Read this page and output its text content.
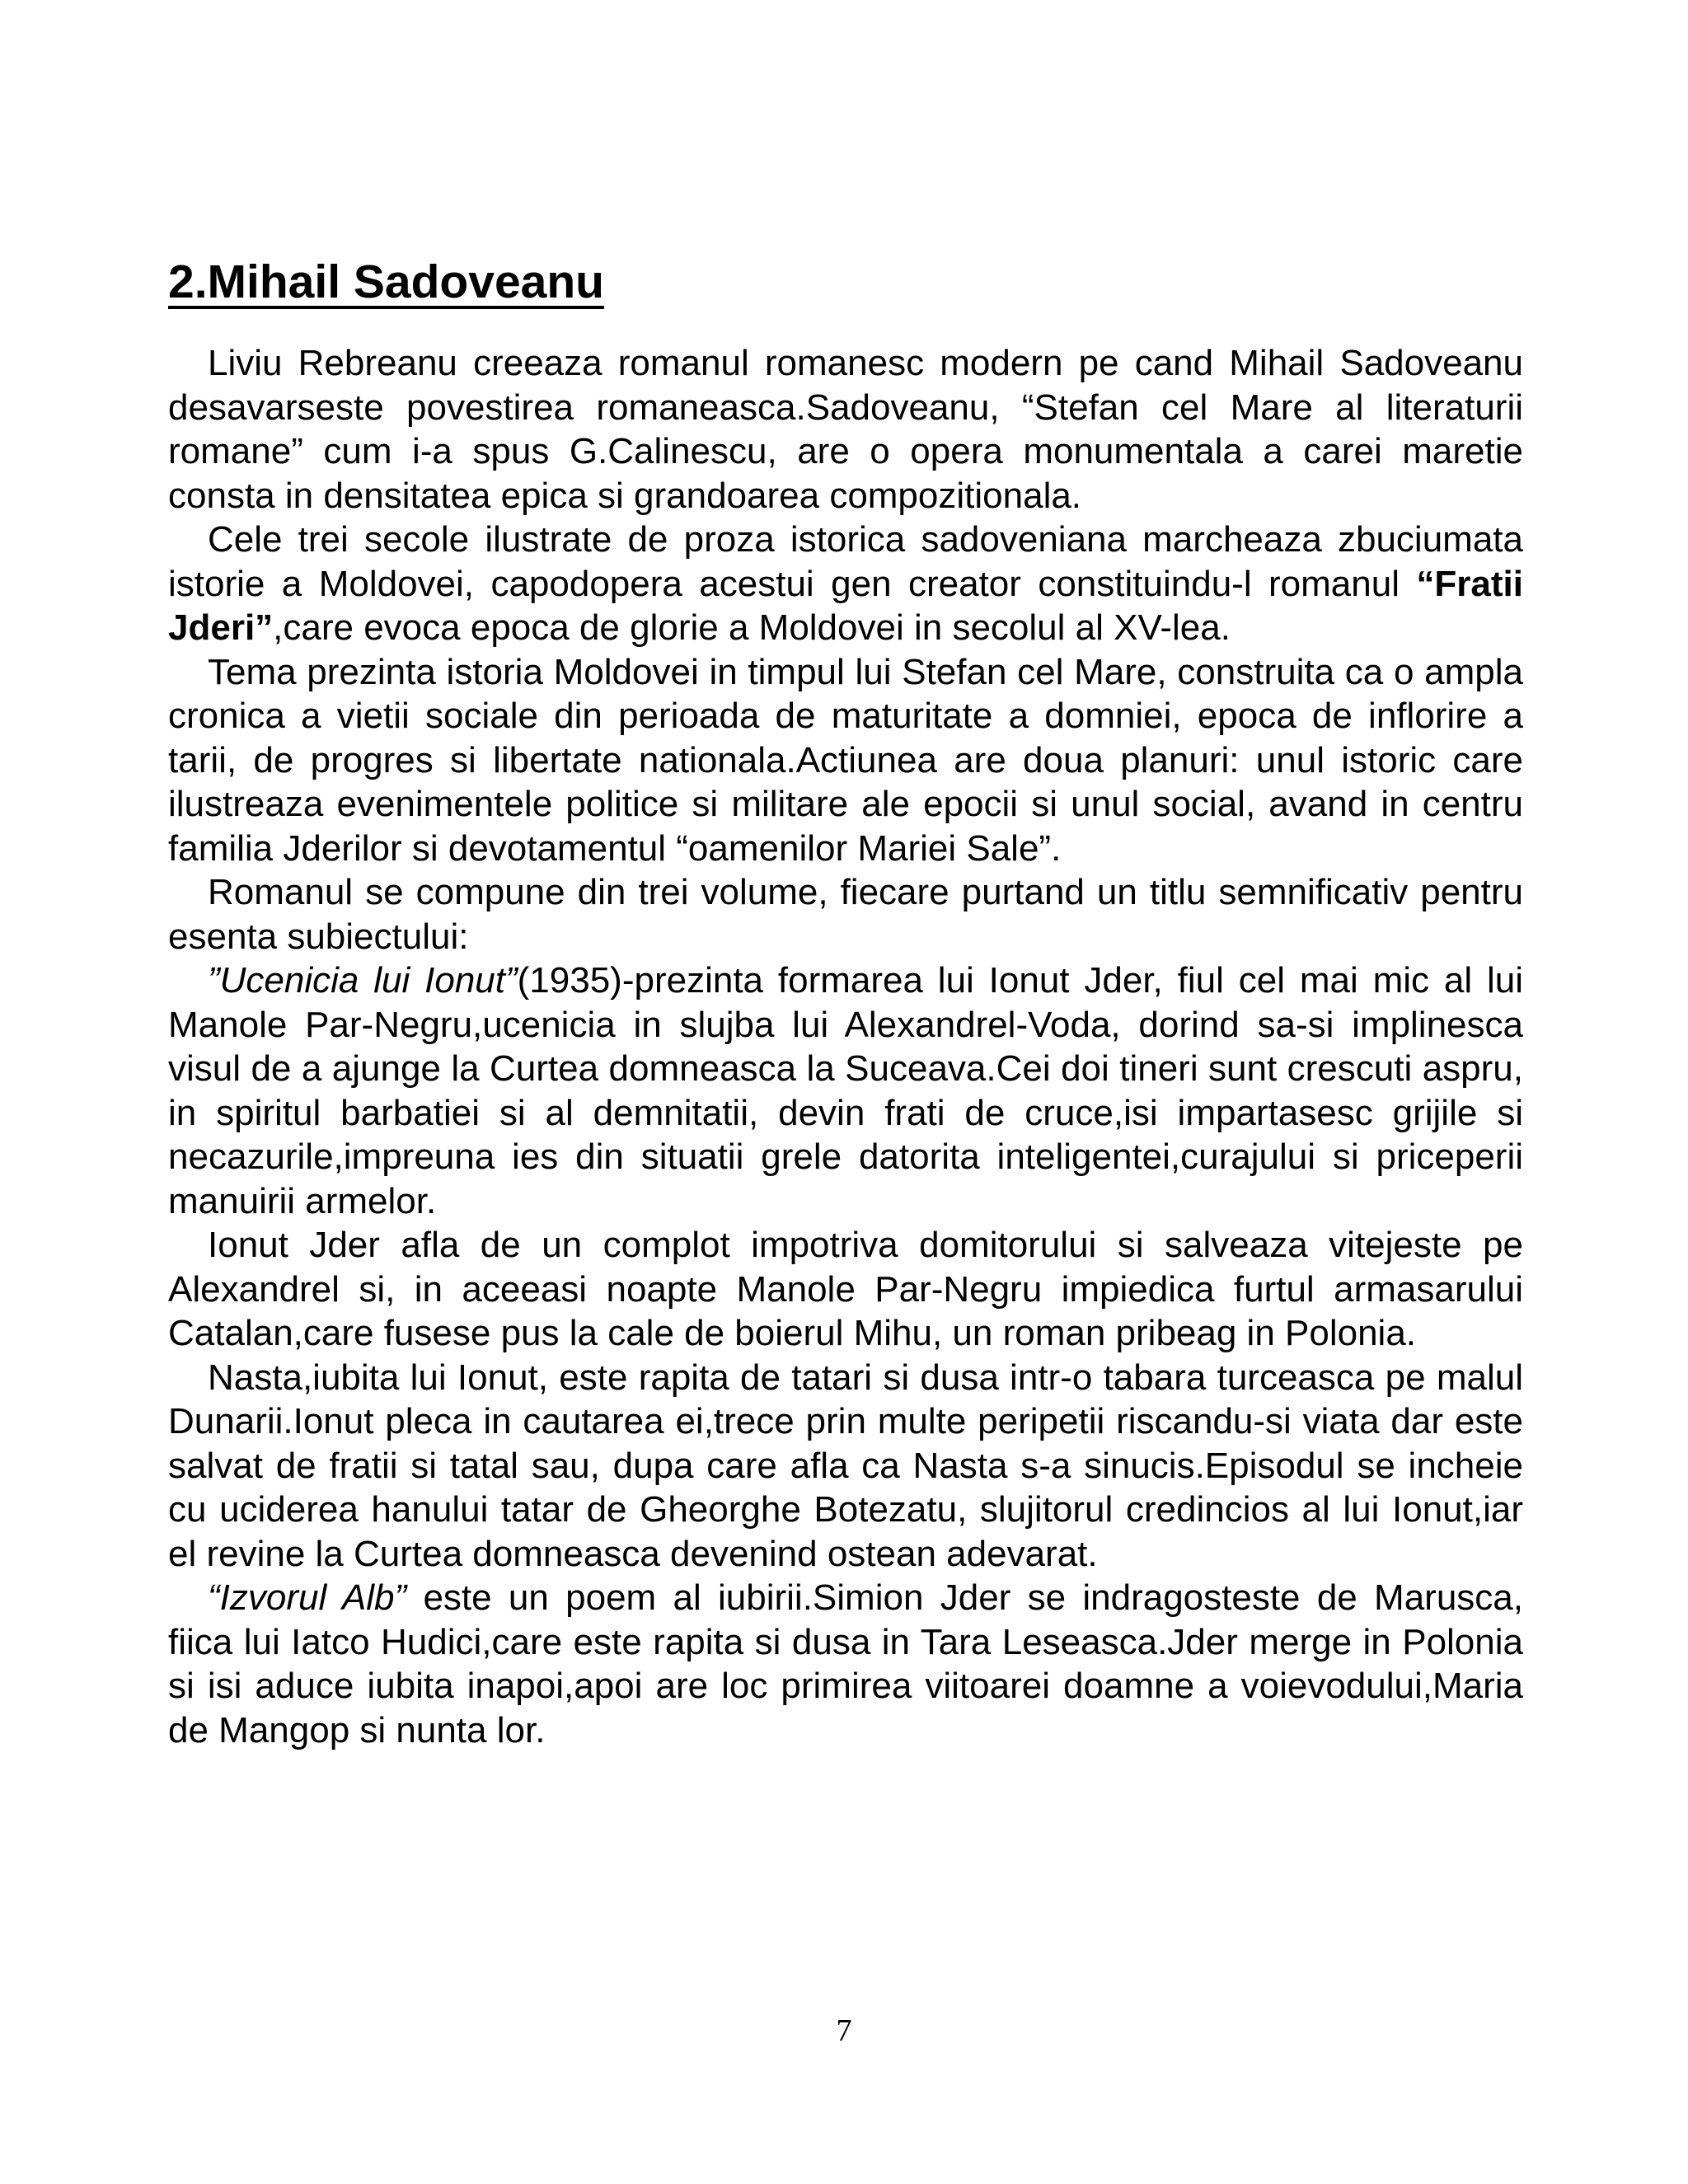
2.Mihail Sadoveanu

Liviu Rebreanu creeaza romanul romanesc modern pe cand Mihail Sadoveanu desavarseste povestirea romaneasca.Sadoveanu, “Stefan cel Mare al literaturii romane” cum i-a spus G.Calinescu, are o opera monumentala a carei maretie consta in densitatea epica si grandoarea compozitionala.

Cele trei secole ilustrate de proza istorica sadoveniana marcheaza zbuciumata istorie a Moldovei, capodopera acestui gen creator constituindu-l romanul “Fratii Jderi”,care evoca epoca de glorie a Moldovei in secolul al XV-lea.

Tema prezinta istoria Moldovei in timpul lui Stefan cel Mare, construita ca o ampla cronica a vietii sociale din perioada de maturitate a domniei, epoca de inflorire a tarii, de progres si libertate nationala.Actiunea are doua planuri: unul istoric care ilustreaza evenimentele politice si militare ale epocii si unul social, avand in centru familia Jderilor si devotamentul “oamenilor Mariei Sale”.

Romanul se compune din trei volume, fiecare purtand un titlu semnificativ pentru esenta subiectului:

”Ucenicia lui Ionut”(1935)-prezinta formarea lui Ionut Jder, fiul cel mai mic al lui Manole Par-Negru,ucenicia in slujba lui Alexandrel-Voda, dorind sa-si implinesca visul de a ajunge la Curtea domneasca la Suceava.Cei doi tineri sunt crescuti aspru, in spiritul barbatiei si al demnitatii, devin frati de cruce,isi impartasesc grijile si necazurile,impreuna ies din situatii grele datorita inteligentei,curajului si priceperii manuirii armelor.

Ionut Jder afla de un complot impotriva domitorului si salveaza vitejeste pe Alexandrel si, in aceeasi noapte Manole Par-Negru impiedica furtul armasarului Catalan,care fusese pus la cale de boierul Mihu, un roman pribeag in Polonia.

Nasta,iubita lui Ionut, este rapita de tatari si dusa intr-o tabara turceasca pe malul Dunarii.Ionut pleca in cautarea ei,trece prin multe peripetii riscandu-si viata dar este salvat de fratii si tatal sau, dupa care afla ca Nasta s-a sinucis.Episodul se incheie cu uciderea hanului tatar de Gheorghe Botezatu, slujitorul credincios al lui Ionut,iar el revine la Curtea domneasca devenind ostean adevarat.

“Izvorul Alb” este un poem al iubirii.Simion Jder se indragosteste de Marusca, fiica lui Iatco Hudici,care este rapita si dusa in Tara Leseasca.Jder merge in Polonia si isi aduce iubita inapoi,apoi are loc primirea viitoarei doamne a voievodului,Maria de Mangop si nunta lor.

7
